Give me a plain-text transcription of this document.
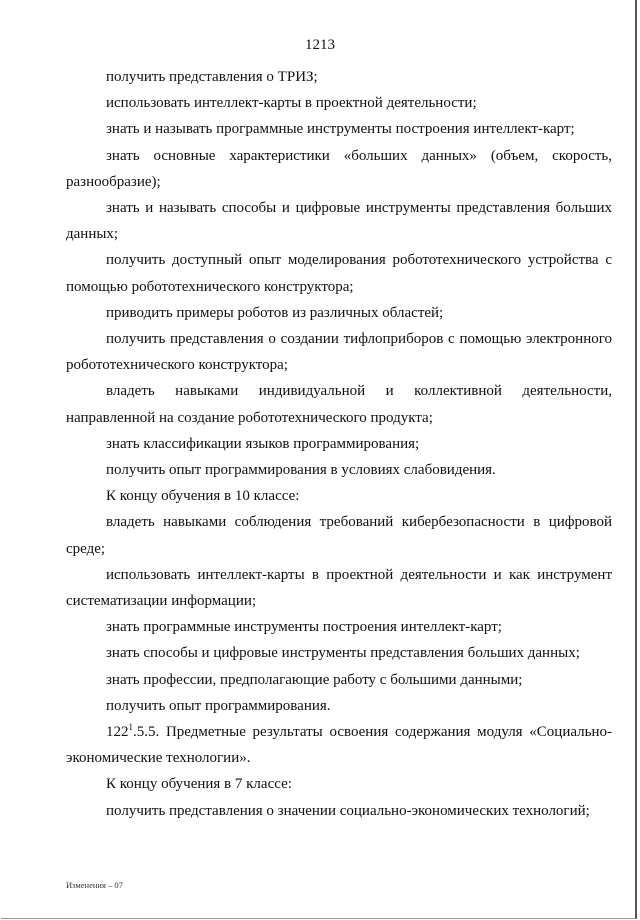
1213

получить представления о ТРИЗ;

использовать интеллект-карты в проектной деятельности;

знать и называть программные инструменты построения интеллект-карт;

знать основные характеристики «больших данных» (объем, скорость, разнообразие);

знать и называть способы и цифровые инструменты представления больших данных;

получить доступный опыт моделирования робототехнического устройства с помощью робототехнического конструктора;

приводить примеры роботов из различных областей;

получить представления о создании тифлоприборов с помощью электронного робототехнического конструктора;

владеть навыками индивидуальной и коллективной деятельности, направленной на создание робототехнического продукта;

знать классификации языков программирования;

получить опыт программирования в условиях слабовидения.

К концу обучения в 10 классе:

владеть навыками соблюдения требований кибербезопасности в цифровой среде;

использовать интеллект-карты в проектной деятельности и как инструмент систематизации информации;

знать программные инструменты построения интеллект-карт;

знать способы и цифровые инструменты представления больших данных;

знать профессии, предполагающие работу с большими данными;

получить опыт программирования.

$122^1.5.5$. Предметные результаты освоения содержания модуля «Социально-экономические технологии».

К концу обучения в 7 классе:

получить представления о значении социально-экономических технологий;

Изменения – 07
